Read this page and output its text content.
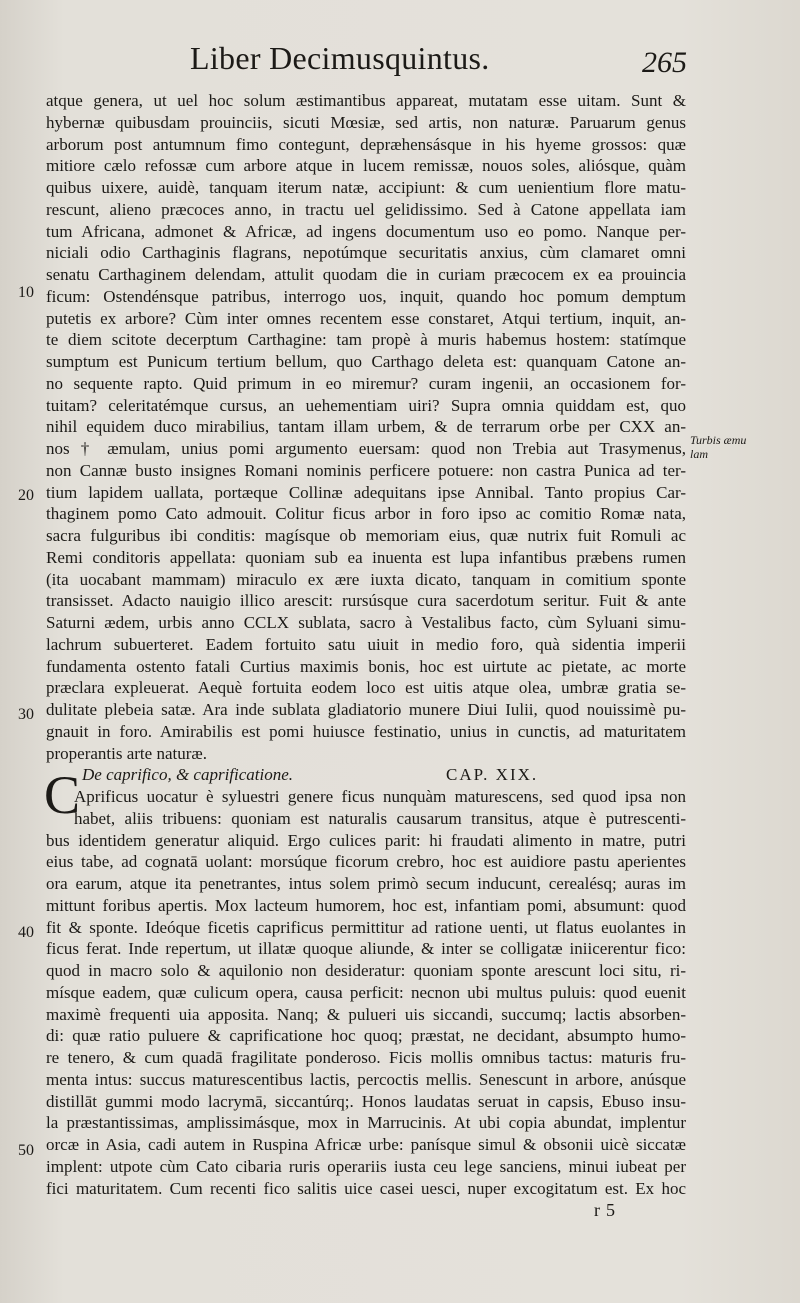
Liber Decimusquintus.	265
Turbis æmu lam
10
20
30
40
50
C
atque genera, ut uel hoc solum æstimantibus appareat, mutatam esse uitam. Sunt &
hybernæ quibusdam prouinciis, sicuti Mœsiæ, sed artis, non naturæ. Paruarum genus
arborum post antumnum fimo contegunt, depræhensásque in his hyeme grossos: quæ
mitiore cælo refossæ cum arbore atque in lucem remissæ, nouos soles, aliósque, quàm
quibus uixere, auidè, tanquam iterum natæ, accipiunt: & cum uenientium flore matu-
rescunt, alieno præcoces anno, in tractu uel gelidissimo. Sed à Catone appellata iam
tum Africana, admonet & Africæ, ad ingens documentum uso eo pomo. Nanque per-
niciali odio Carthaginis flagrans, nepotúmque securitatis anxius, cùm clamaret omni
senatu Carthaginem delendam, attulit quodam die in curiam præcocem ex ea prouincia
ficum: Ostendénsque patribus, interrogo uos, inquit, quando hoc pomum demptum
putetis ex arbore? Cùm inter omnes recentem esse constaret, Atqui tertium, inquit, an-
te diem scitote decerptum Carthagine: tam propè à muris habemus hostem: statímque
sumptum est Punicum tertium bellum, quo Carthago deleta est: quanquam Catone an-
no sequente rapto. Quid primum in eo miremur? curam ingenii, an occasionem for-
tuitam? celeritatémque cursus, an uehementiam uiri? Supra omnia quiddam est, quo
nihil equidem duco mirabilius, tantam illam urbem, & de terrarum orbe per CXX an-
nos † æmulam, unius pomi argumento euersam: quod non Trebia aut Trasymenus,
non Cannæ busto insignes Romani nominis perficere potuere: non castra Punica ad ter-
tium lapidem uallata, portæque Collinæ adequitans ipse Annibal. Tanto propius Car-
thaginem pomo Cato admouit. Colitur ficus arbor in foro ipso ac comitio Romæ nata,
sacra fulguribus ibi conditis: magísque ob memoriam eius, quæ nutrix fuit Romuli ac
Remi conditoris appellata: quoniam sub ea inuenta est lupa infantibus præbens rumen
(ita uocabant mammam) miraculo ex ære iuxta dicato, tanquam in comitium sponte
transisset. Adacto nauigio illico arescit: rursúsque cura sacerdotum seritur. Fuit & ante
Saturni ædem, urbis anno CCLX sublata, sacro à Vestalibus facto, cùm Syluani simu-
lachrum subuerteret. Eadem fortuito satu uiuit in medio foro, quà sidentia imperii
fundamenta ostento fatali Curtius maximis bonis, hoc est uirtute ac pietate, ac morte
præclara expleuerat. Aequè fortuita eodem loco est uitis atque olea, umbræ gratia se-
dulitate plebeia satæ. Ara inde sublata gladiatorio munere Diui Iulii, quod nouissimè pu-
gnauit in foro. Amirabilis est pomi huiusce festinatio, unius in cunctis, ad maturitatem
properantis arte naturæ.
De caprifico, & caprificatione.	CAP. XIX.
Aprificus uocatur è syluestri genere ficus nunquàm maturescens, sed quod ipsa non
habet, aliis tribuens: quoniam est naturalis causarum transitus, atque è putrescenti-
bus identidem generatur aliquid. Ergo culices parit: hi fraudati alimento in matre, putri
eius tabe, ad cognatā uolant: morsúque ficorum crebro, hoc est auidiore pastu aperientes
ora earum, atque ita penetrantes, intus solem primò secum inducunt, cerealésq; auras im
mittunt foribus apertis. Mox lacteum humorem, hoc est, infantiam pomi, absumunt: quod
fit & sponte. Ideóque ficetis caprificus permittitur ad ratione uenti, ut flatus euolantes in
ficus ferat. Inde repertum, ut illatæ quoque aliunde, & inter se colligatæ iniicerentur fico:
quod in macro solo & aquilonio non desideratur: quoniam sponte arescunt loci situ, ri-
mísque eadem, quæ culicum opera, causa perficit: necnon ubi multus puluis: quod euenit
maximè frequenti uia apposita. Nanq; & pulueri uis siccandi, succumq; lactis absorben-
di: quæ ratio puluere & caprificatione hoc quoq; præstat, ne decidant, absumpto humo-
re tenero, & cum quadā fragilitate ponderoso. Ficis mollis omnibus tactus: maturis fru-
menta intus: succus maturescentibus lactis, percoctis mellis. Senescunt in arbore, anúsque
distillāt gummi modo lacrymā, siccantúrq;. Honos laudatas seruat in capsis, Ebuso insu-
la præstantissimas, amplissimásque, mox in Marrucinis. At ubi copia abundat, implentur
orcæ in Asia, cadi autem in Ruspina Africæ urbe: panísque simul & obsonii uicè siccatæ
implent: utpote cùm Cato cibaria ruris operariis iusta ceu lege sanciens, minui iubeat per
fici maturitatem. Cum recenti fico salitis uice casei uesci, nuper excogitatum est. Ex hoc
r5
